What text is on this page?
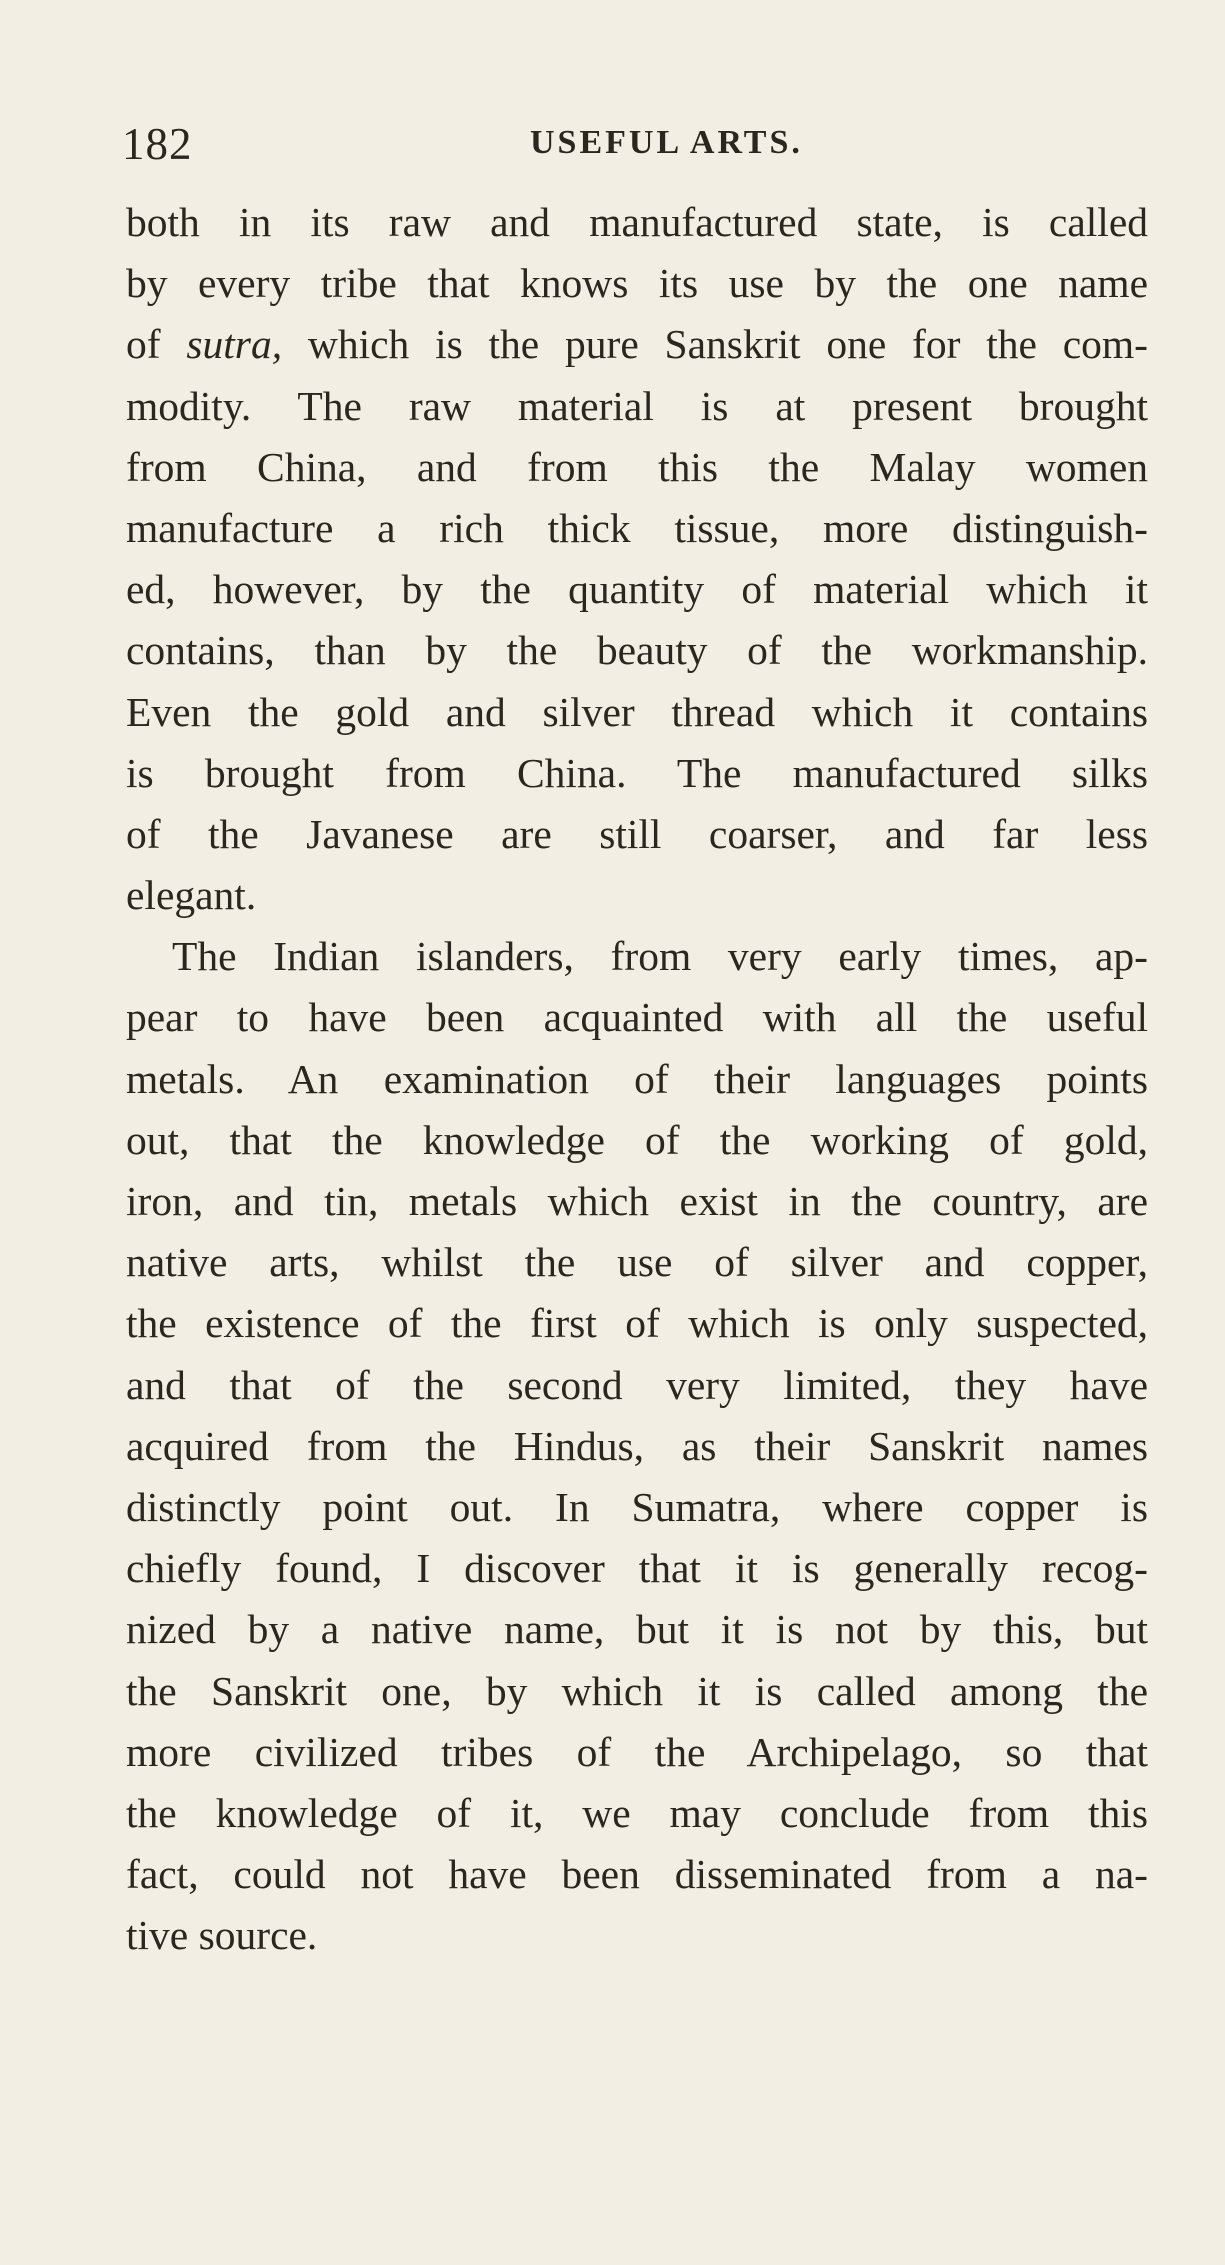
182	USEFUL ARTS.
both in its raw and manufactured state, is called
by every tribe that knows its use by the one name
of sutra, which is the pure Sanskrit one for the com-
modity. The raw material is at present brought
from China, and from this the Malay women
manufacture a rich thick tissue, more distinguish-
ed, however, by the quantity of material which it
contains, than by the beauty of the workmanship.
Even the gold and silver thread which it contains
is brought from China. The manufactured silks
of the Javanese are still coarser, and far less
elegant.
The Indian islanders, from very early times, ap-
pear to have been acquainted with all the useful
metals. An examination of their languages points
out, that the knowledge of the working of gold,
iron, and tin, metals which exist in the country, are
native arts, whilst the use of silver and copper,
the existence of the first of which is only suspected,
and that of the second very limited, they have
acquired from the Hindus, as their Sanskrit names
distinctly point out. In Sumatra, where copper is
chiefly found, I discover that it is generally recog-
nized by a native name, but it is not by this, but
the Sanskrit one, by which it is called among the
more civilized tribes of the Archipelago, so that
the knowledge of it, we may conclude from this
fact, could not have been disseminated from a na-
tive source.
